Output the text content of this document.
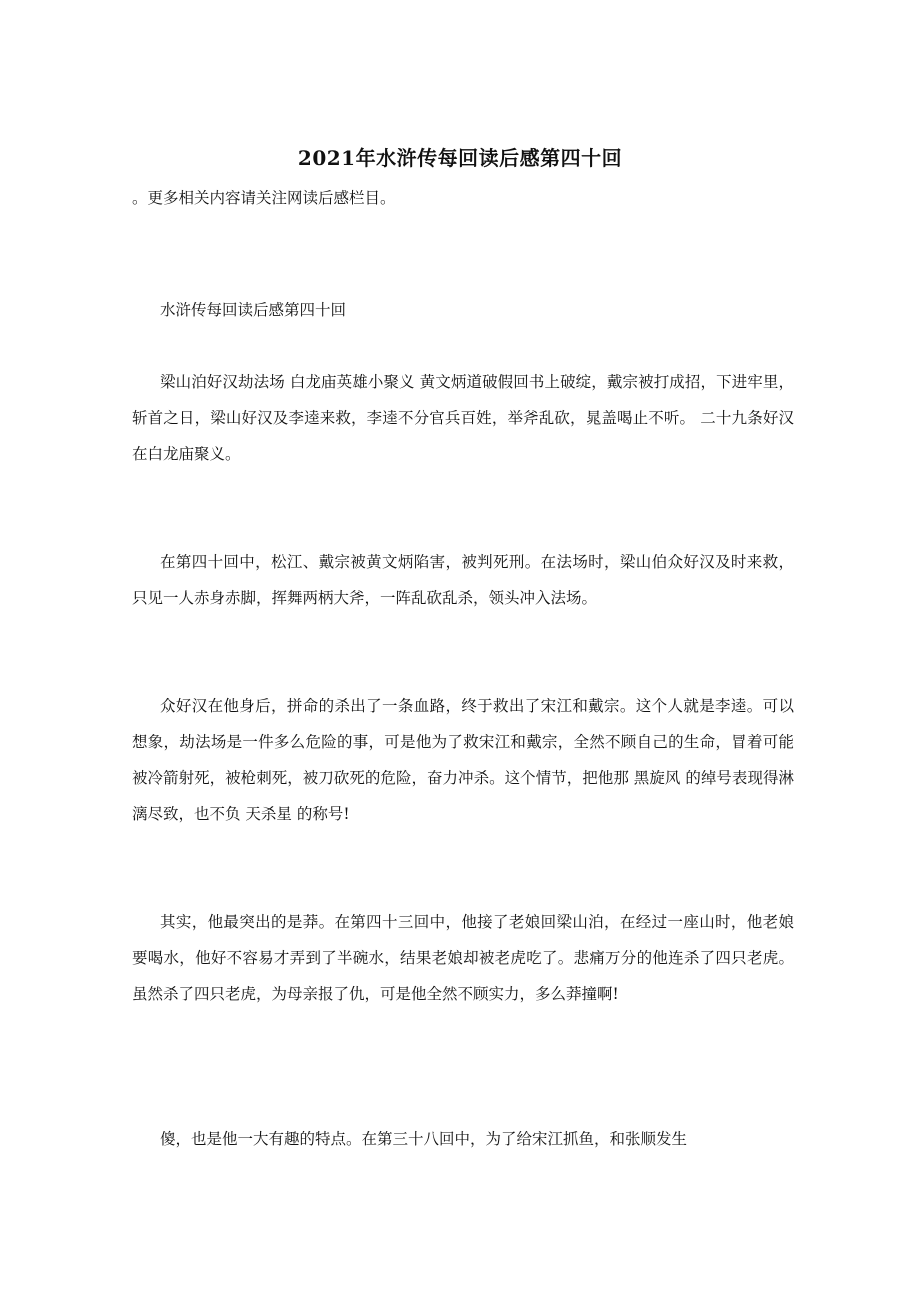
2021年水浒传每回读后感第四十回
。更多相关内容请关注网读后感栏目。

水浒传每回读后感第四十回

梁山泊好汉劫法场 白龙庙英雄小聚义 黄文炳道破假回书上破绽，戴宗被打成招，下进牢里，斩首之日，梁山好汉及李逵来救，李逵不分官兵百姓，举斧乱砍，晁盖喝止不听。 二十九条好汉在白龙庙聚义。

在第四十回中，松江、戴宗被黄文炳陷害，被判死刑。在法场时，梁山伯众好汉及时来救，只见一人赤身赤脚，挥舞两柄大斧，一阵乱砍乱杀，领头冲入法场。

众好汉在他身后，拼命的杀出了一条血路，终于救出了宋江和戴宗。这个人就是李逵。可以想象，劫法场是一件多么危险的事，可是他为了救宋江和戴宗，全然不顾自己的生命，冒着可能被冷箭射死，被枪刺死，被刀砍死的危险，奋力冲杀。这个情节，把他那 黑旋风 的绰号表现得淋漓尽致，也不负 天杀星 的称号!

其实，他最突出的是莽。在第四十三回中，他接了老娘回梁山泊，在经过一座山时，他老娘要喝水，他好不容易才弄到了半碗水，结果老娘却被老虎吃了。悲痛万分的他连杀了四只老虎。虽然杀了四只老虎，为母亲报了仇，可是他全然不顾实力，多么莽撞啊!

傻，也是他一大有趣的特点。在第三十八回中，为了给宋江抓鱼，和张顺发生
